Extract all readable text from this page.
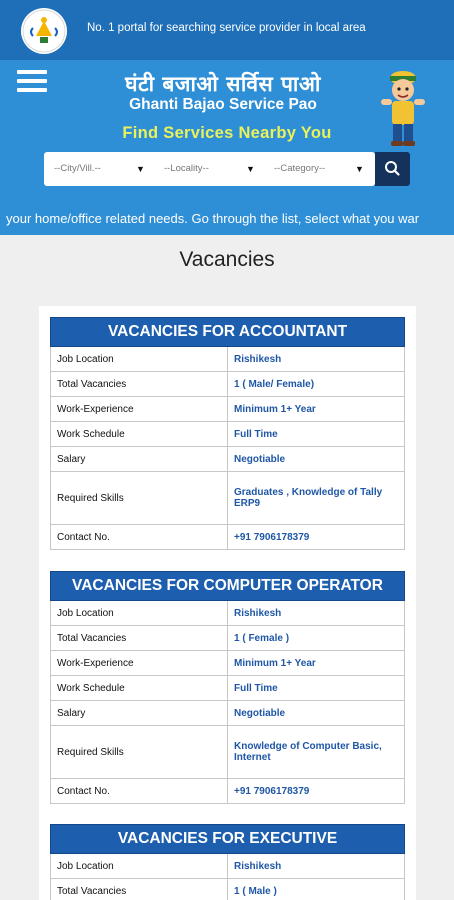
No. 1 portal for searching service provider in local area
घंटी बजाओ सर्विस पाओ
Ghanti Bajao Service Pao
Find Services Nearby You
--City/Vill.--	▼ --Locality--	▼ --Category--	▼
your home/office related needs. Go through the list, select what you war
Vacancies
VACANCIES FOR ACCOUNTANT	
Job Location	Rishikesh
Total Vacancies	1 ( Male/ Female)
Work-Experience	Minimum 1+ Year
Work Schedule	Full Time
Salary	Negotiable
Required Skills	Graduates , Knowledge of Tally ERP9
Contact No.	+91 7906178379
VACANCIES FOR COMPUTER OPERATOR	
Job Location	Rishikesh
Total Vacancies	1 ( Female )
Work-Experience	Minimum 1+ Year
Work Schedule	Full Time
Salary	Negotiable
Required Skills	Knowledge of Computer Basic, Internet
Contact No.	+91 7906178379
VACANCIES FOR EXECUTIVE	
Job Location	Rishikesh
Total Vacancies	1 ( Male )
